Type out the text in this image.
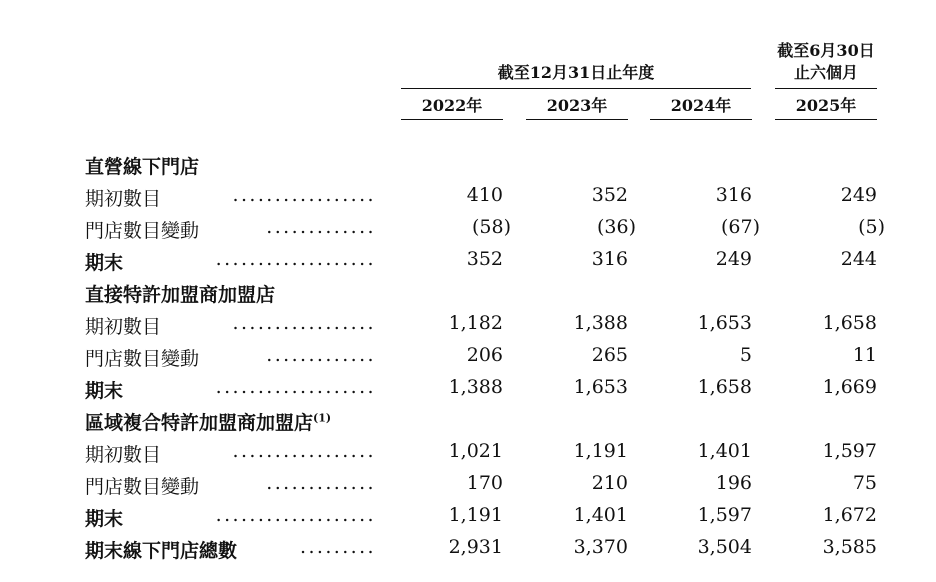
截至12月31日止年度
截至6月30日
止六個月
2022年	2023年	2024年	2025年
直營線下門店
期初數目	.................	410	352	316	249
門店數目變動	.............	(58)	(36)	(67)	(5)
期末	...................	352	316	249	244
直接特許加盟商加盟店
期初數目	.................	1,182	1,388	1,653	1,658
門店數目變動	.............	206	265	5	11
期末	...................	1,388	1,653	1,658	1,669
區域複合特許加盟商加盟店$^{(1)}$
期初數目	.................	1,021	1,191	1,401	1,597
門店數目變動	.............	170	210	196	75
期末	...................	1,191	1,401	1,597	1,672
期末線下門店總數	.........	2,931	3,370	3,504	3,585
